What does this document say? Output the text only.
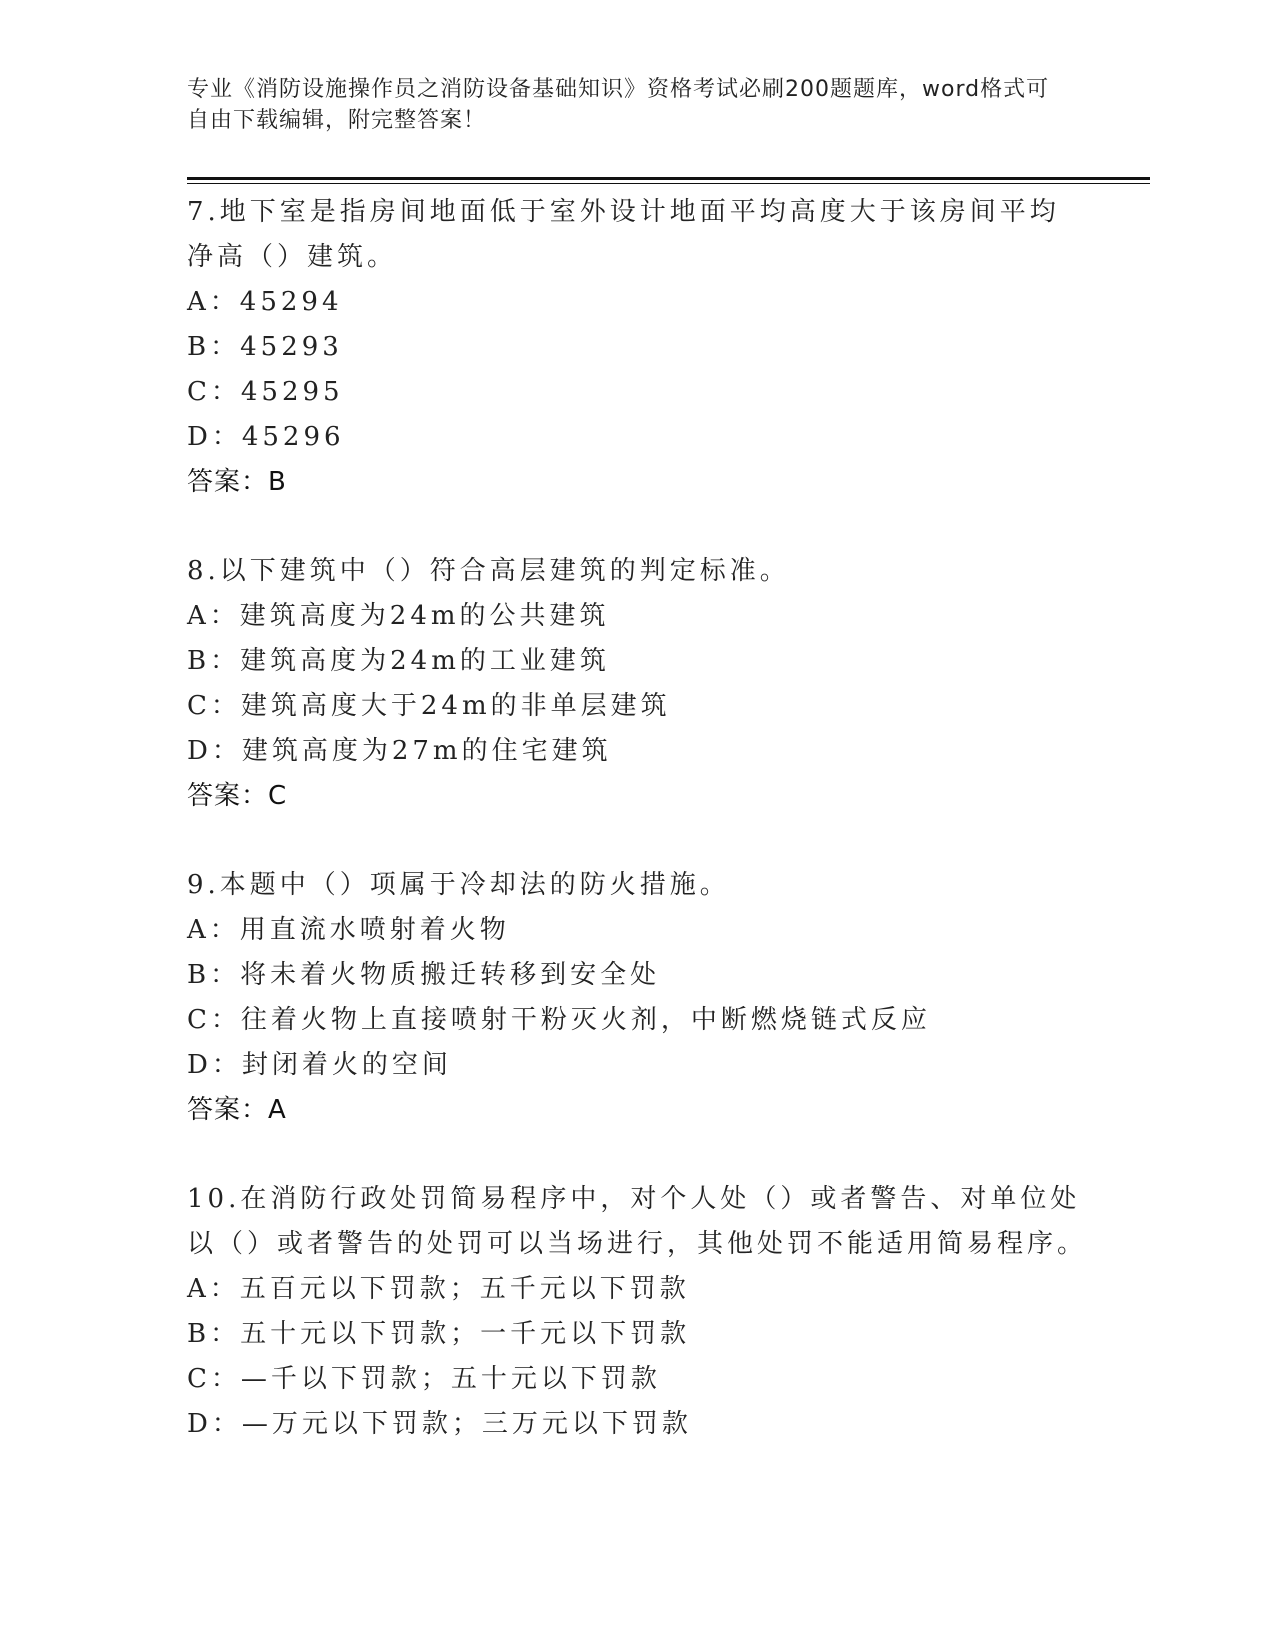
专业《消防设施操作员之消防设备基础知识》资格考试必刷200题题库，word格式可自由下载编辑，附完整答案！

7.地下室是指房间地面低于室外设计地面平均高度大于该房间平均净高（）建筑。

A：45294

B：45293

C：45295

D：45296

答案：B

8.以下建筑中（）符合高层建筑的判定标准。

A：建筑高度为24m的公共建筑

B：建筑高度为24m的工业建筑

C：建筑高度大于24m的非单层建筑

D：建筑高度为27m的住宅建筑

答案：C

9.本题中（）项属于冷却法的防火措施。

A：用直流水喷射着火物

B：将未着火物质搬迁转移到安全处

C：往着火物上直接喷射干粉灭火剂，中断燃烧链式反应

D：封闭着火的空间

答案：A

10.在消防行政处罚简易程序中，对个人处（）或者警告、对单位处以（）或者警告的处罚可以当场进行，其他处罚不能适用简易程序。

A：五百元以下罚款；五千元以下罚款

B：五十元以下罚款；一千元以下罚款

C：—千以下罚款；五十元以下罚款

D：—万元以下罚款；三万元以下罚款
